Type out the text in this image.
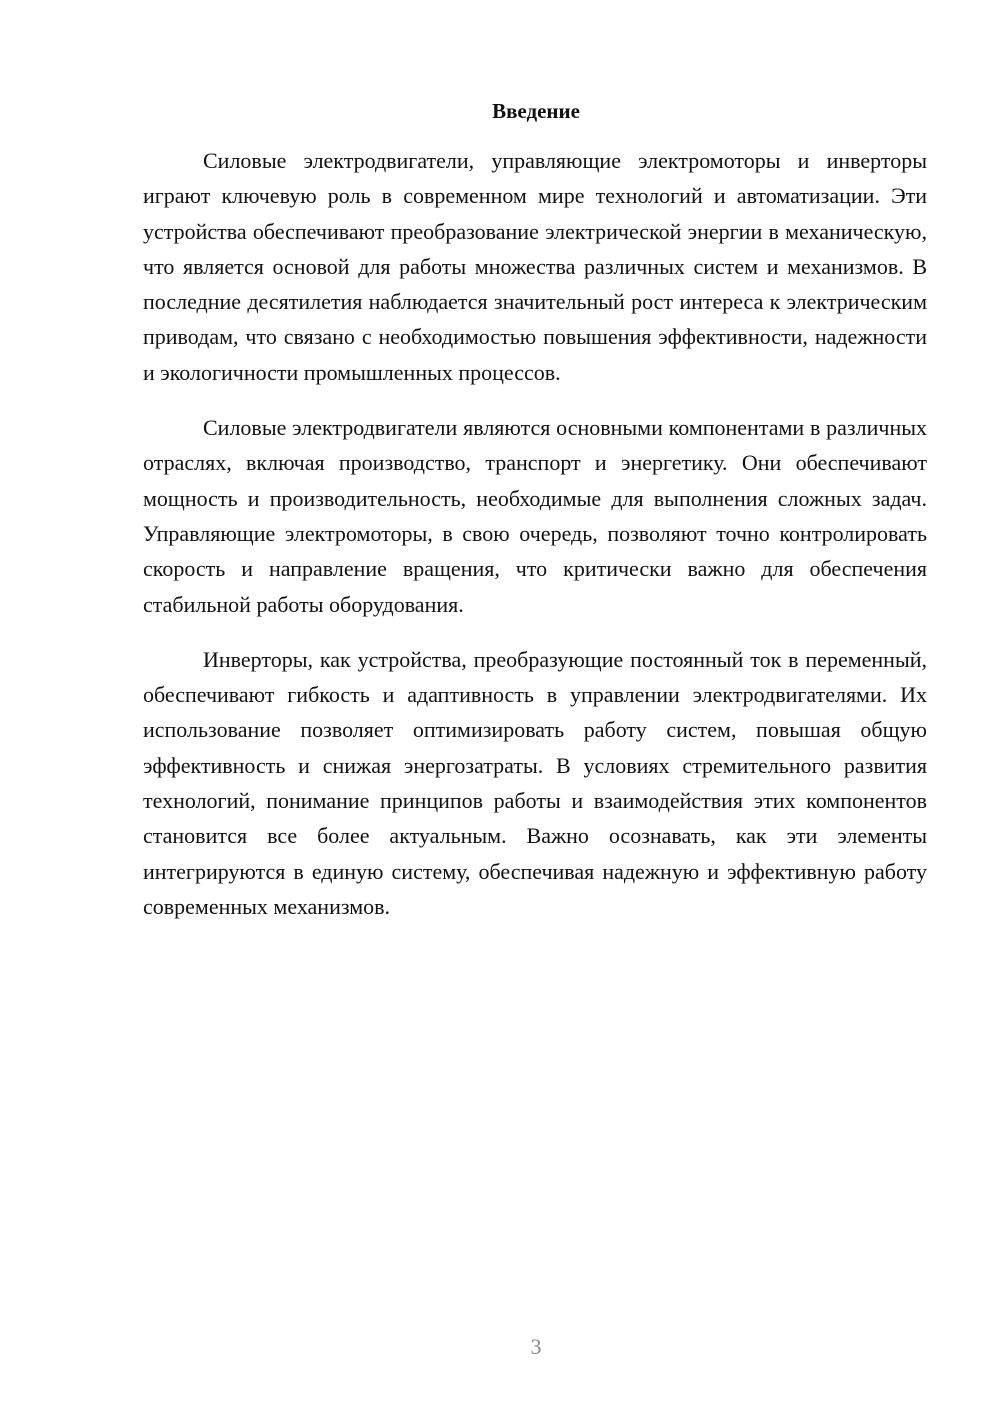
Введение

Силовые электродвигатели, управляющие электромоторы и инверторы играют ключевую роль в современном мире технологий и автоматизации. Эти устройства обеспечивают преобразование электрической энергии в механическую, что является основой для работы множества различных систем и механизмов. В последние десятилетия наблюдается значительный рост интереса к электрическим приводам, что связано с необходимостью повышения эффективности, надежности и экологичности промышленных процессов.

Силовые электродвигатели являются основными компонентами в различных отраслях, включая производство, транспорт и энергетику. Они обеспечивают мощность и производительность, необходимые для выполнения сложных задач. Управляющие электромоторы, в свою очередь, позволяют точно контролировать скорость и направление вращения, что критически важно для обеспечения стабильной работы оборудования.

Инверторы, как устройства, преобразующие постоянный ток в переменный, обеспечивают гибкость и адаптивность в управлении электродвигателями. Их использование позволяет оптимизировать работу систем, повышая общую эффективность и снижая энергозатраты. В условиях стремительного развития технологий, понимание принципов работы и взаимодействия этих компонентов становится все более актуальным. Важно осознавать, как эти элементы интегрируются в единую систему, обеспечивая надежную и эффективную работу современных механизмов.

3
